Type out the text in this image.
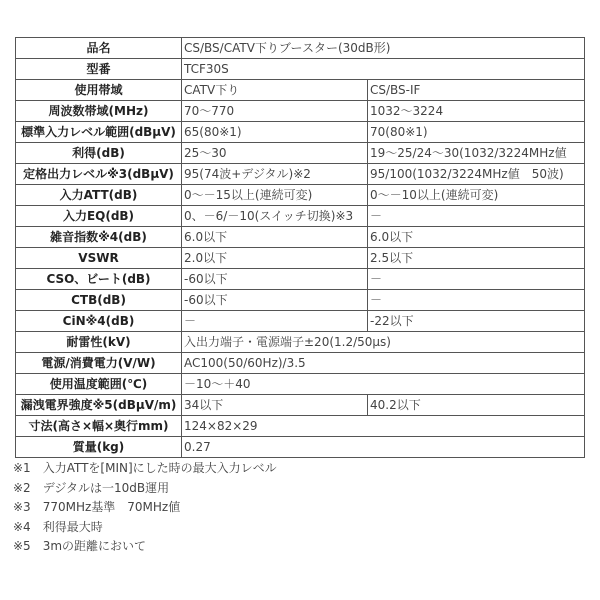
品名	CS/BS/CATV下りブースター(30dB形)	
型番	TCF30S	
使用帯域	CATV下り	CS/BS-IF
周波数帯域(MHz)	70～770	1032～3224
標準入力レベル範囲(dBμV)	65(80※1)	70(80※1)
利得(dB)	25～30	19～25/24～30(1032/3224MHz値
定格出力レベル※3(dBμV)	95(74波+デジタル)※2	95/100(1032/3224MHz値　50波)
入力ATT(dB)	0～－15以上(連続可変)	0～－10以上(連続可変)
入力EQ(dB)	0、－6/－10(スイッチ切換)※3	－
雑音指数※4(dB)	6.0以下	6.0以下
VSWR	2.0以下	2.5以下
CSO、ビート(dB)	-60以下	－
CTB(dB)	-60以下	－
CiN※4(dB)	－	-22以下
耐雷性(kV)	入出力端子・電源端子±20(1.2/50μs)	
電源/消費電力(V/W)	AC100(50/60Hz)/3.5	
使用温度範囲(℃)	－10～＋40	
漏洩電界強度※5(dBμV/m)	34以下	40.2以下
寸法(高さ×幅×奥行mm)	124×82×29	
質量(kg)	0.27	
※1　入力ATTを[MIN]にした時の最大入力レベル
※2　デジタルは一10dB運用
※3　770MHz基準　70MHz値
※4　利得最大時
※5　3mの距離において
